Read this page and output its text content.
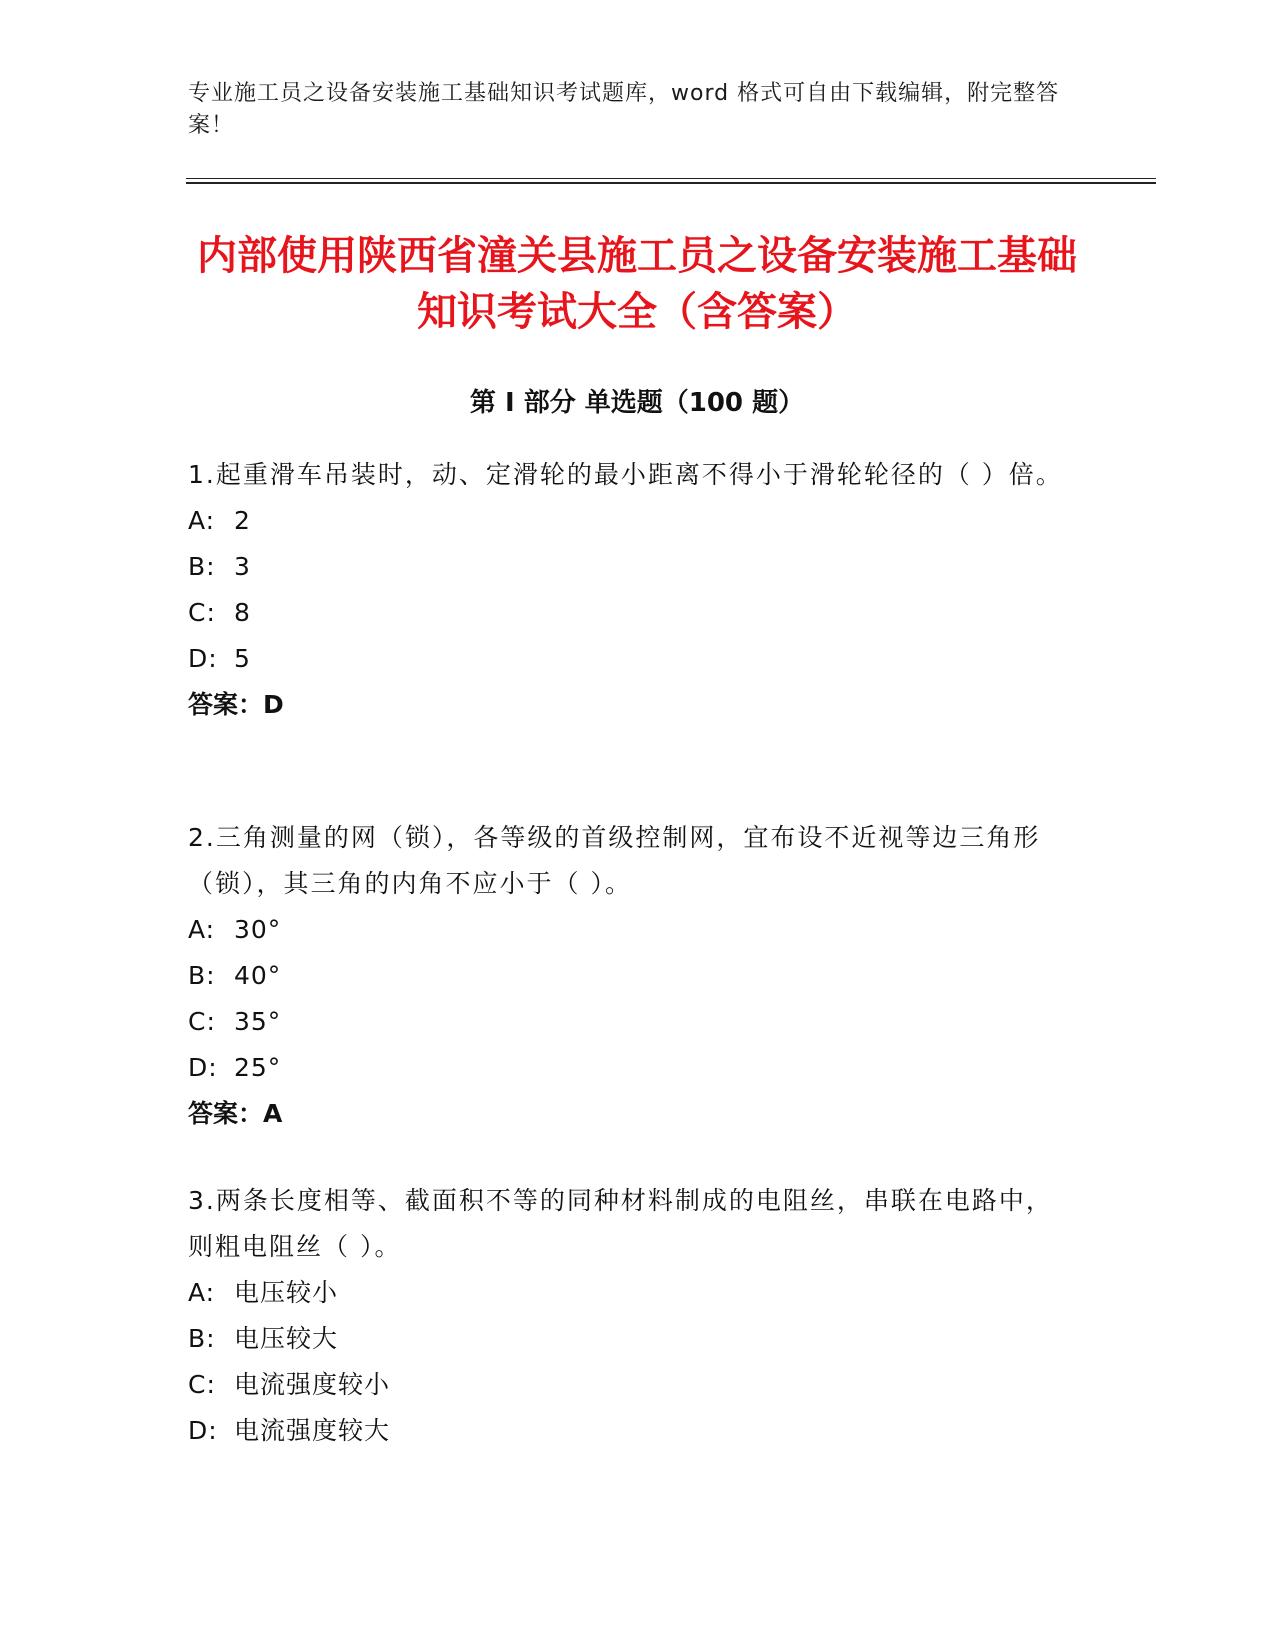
专业施工员之设备安装施工基础知识考试题库，word 格式可自由下载编辑，附完整答案！
内部使用陕西省潼关县施工员之设备安装施工基础知识考试大全（含答案）
第 I 部分 单选题（100 题）

1.起重滑车吊装时，动、定滑轮的最小距离不得小于滑轮轮径的（ ）倍。

A: 2

B: 3

C: 8

D: 5

答案：D

2.三角测量的网（锁），各等级的首级控制网，宜布设不近视等边三角形（锁），其三角的内角不应小于（ ）。

A: 30°

B: 40°

C: 35°

D: 25°

答案：A

3.两条长度相等、截面积不等的同种材料制成的电阻丝，串联在电路中，则粗电阻丝（ ）。

A: 电压较小

B: 电压较大

C: 电流强度较小

D: 电流强度较大
